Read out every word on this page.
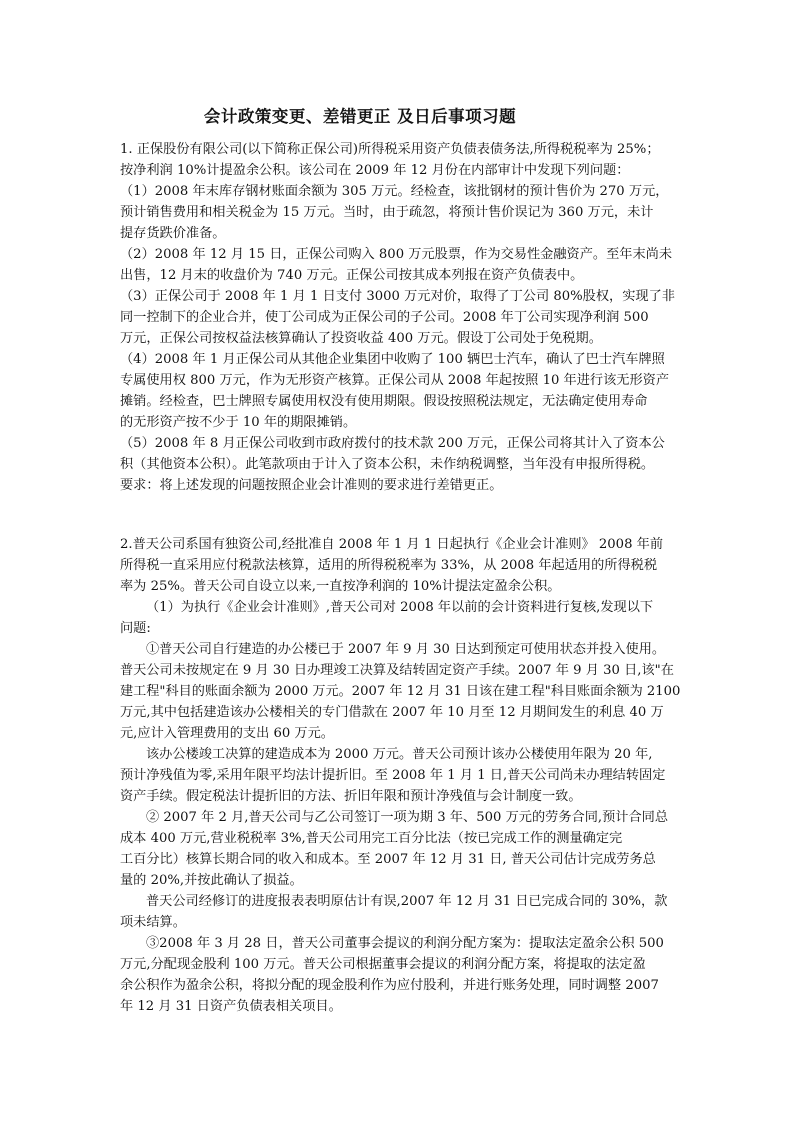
会计政策变更、差错更正 及日后事项习题
1. 正保股份有限公司(以下简称正保公司)所得税采用资产负债表债务法,所得税税率为 25%；
按净利润 10%计提盈余公积。该公司在 2009 年 12 月份在内部审计中发现下列问题：
（1）2008 年末库存钢材账面余额为 305 万元。经检查，该批钢材的预计售价为 270 万元，
预计销售费用和相关税金为 15 万元。当时，由于疏忽，将预计售价误记为 360 万元，未计
提存货跌价准备。
（2）2008 年 12 月 15 日，正保公司购入 800 万元股票，作为交易性金融资产。至年末尚未
出售，12 月末的收盘价为 740 万元。正保公司按其成本列报在资产负债表中。
（3）正保公司于 2008 年 1 月 1 日支付 3000 万元对价，取得了丁公司 80%股权，实现了非
同一控制下的企业合并，使丁公司成为正保公司的子公司。2008 年丁公司实现净利润 500
万元，正保公司按权益法核算确认了投资收益 400 万元。假设丁公司处于免税期。
（4）2008 年 1 月正保公司从其他企业集团中收购了 100 辆巴士汽车，确认了巴士汽车牌照
专属使用权 800 万元，作为无形资产核算。正保公司从 2008 年起按照 10 年进行该无形资产
摊销。经检查，巴士牌照专属使用权没有使用期限。假设按照税法规定，无法确定使用寿命
的无形资产按不少于 10 年的期限摊销。
（5）2008 年 8 月正保公司收到市政府拨付的技术款 200 万元，正保公司将其计入了资本公
积（其他资本公积）。此笔款项由于计入了资本公积，未作纳税调整，当年没有申报所得税。
要求：将上述发现的问题按照企业会计准则的要求进行差错更正。
2.普天公司系国有独资公司,经批准自 2008 年 1 月 1 日起执行《企业会计准则》 2008 年前
所得税一直采用应付税款法核算，适用的所得税税率为 33%，从 2008 年起适用的所得税税
率为 25%。普天公司自设立以来,一直按净利润的 10%计提法定盈余公积。
（1）为执行《企业会计准则》,普天公司对 2008 年以前的会计资料进行复核,发现以下
问题:
①普天公司自行建造的办公楼已于 2007 年 9 月 30 日达到预定可使用状态并投入使用。
普天公司未按规定在 9 月 30 日办理竣工决算及结转固定资产手续。2007 年 9 月 30 日,该"在
建工程"科目的账面余额为 2000 万元。2007 年 12 月 31 日该在建工程"科目账面余额为 2100
万元,其中包括建造该办公楼相关的专门借款在 2007 年 10 月至 12 月期间发生的利息 40 万
元,应计入管理费用的支出 60 万元。
该办公楼竣工决算的建造成本为 2000 万元。普天公司预计该办公楼使用年限为 20 年,
预计净残值为零,采用年限平均法计提折旧。至 2008 年 1 月 1 日,普天公司尚未办理结转固定
资产手续。假定税法计提折旧的方法、折旧年限和预计净残值与会计制度一致。
② 2007 年 2 月,普天公司与乙公司签订一项为期 3 年、500 万元的劳务合同,预计合同总
成本 400 万元,营业税税率 3%,普天公司用完工百分比法（按已完成工作的测量确定完
工百分比）核算长期合同的收入和成本。至 2007 年 12 月 31 日, 普天公司估计完成劳务总
量的 20%,并按此确认了损益。
普天公司经修订的进度报表表明原估计有误,2007 年 12 月 31 日已完成合同的 30%，款
项未结算。
③2008 年 3 月 28 日，普天公司董事会提议的利润分配方案为：提取法定盈余公积 500
万元,分配现金股利 100 万元。普天公司根据董事会提议的利润分配方案，将提取的法定盈
余公积作为盈余公积，将拟分配的现金股利作为应付股利，并进行账务处理，同时调整 2007
年 12 月 31 日资产负债表相关项目。
